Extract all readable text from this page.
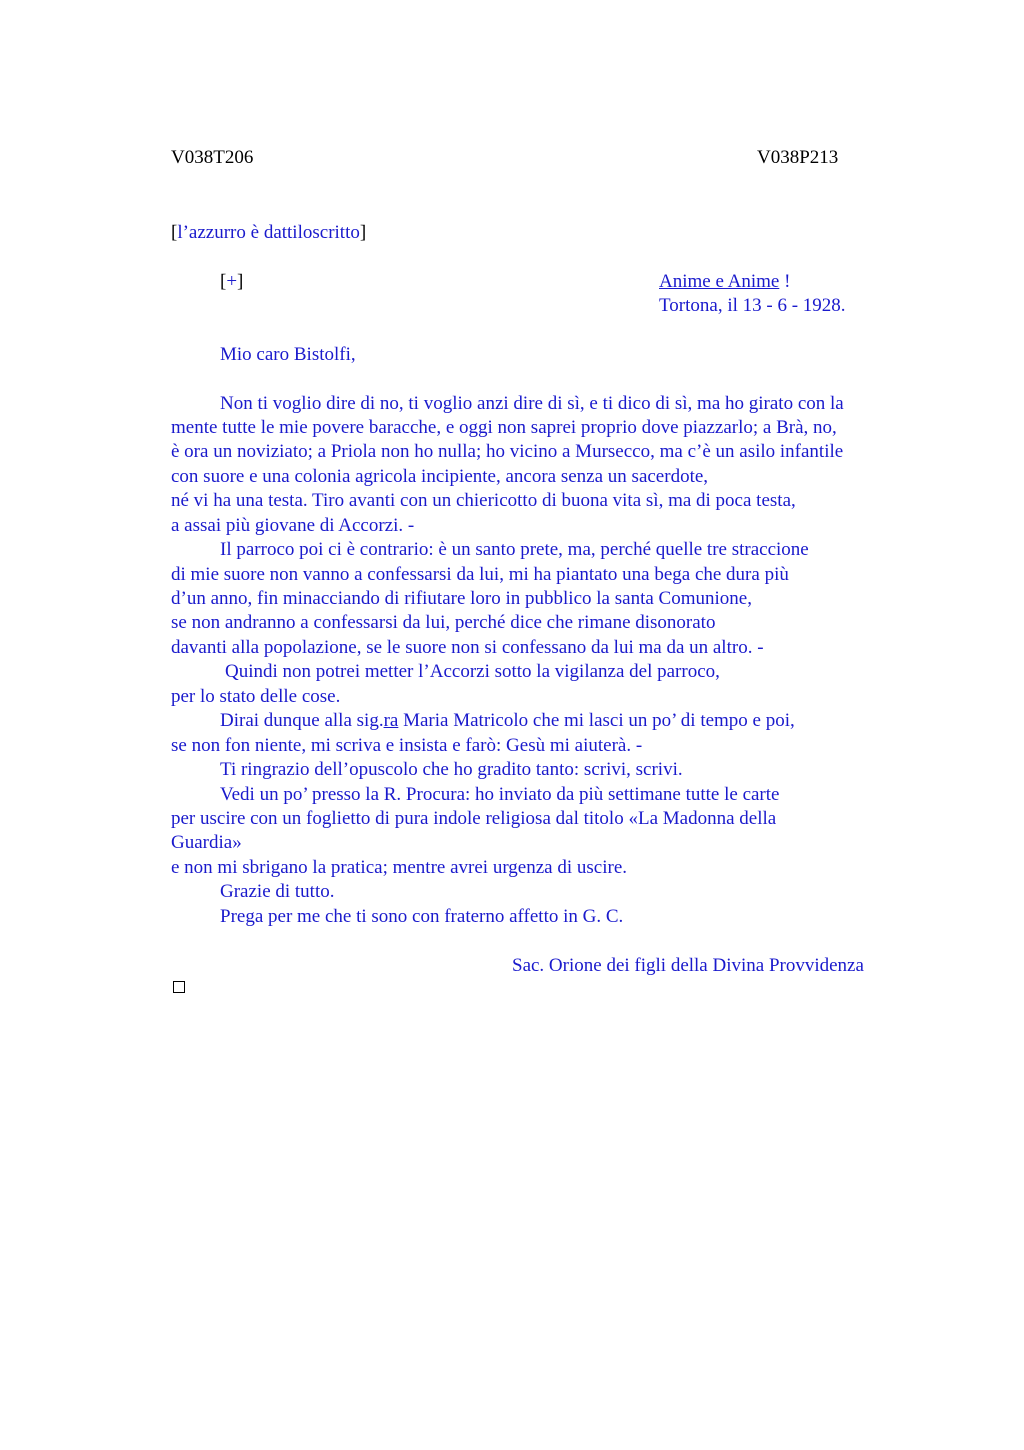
V038T206	V038P213
[l’azzurro è dattiloscritto]
[+]	Anime e Anime !
Tortona, il 13 - 6 - 1928.
Mio caro Bistolfi,
Non ti voglio dire di no, ti voglio anzi dire di sì, e ti dico di sì, ma ho girato con la
mente tutte le mie povere baracche, e oggi non saprei proprio dove piazzarlo; a Brà, no,
è ora un noviziato; a Priola non ho nulla; ho vicino a Mursecco, ma c’è un asilo infantile
con suore e una colonia agricola incipiente, ancora senza un sacerdote,
né vi ha una testa. Tiro avanti con un chiericotto di buona vita sì, ma di poca testa,
a assai più giovane di Accorzi. -
Il parroco poi ci è contrario: è un santo prete, ma, perché quelle tre straccione
di mie suore non vanno a confessarsi da lui, mi ha piantato una bega che dura più
d’un anno, fin minacciando di rifiutare loro in pubblico la santa Comunione,
se non andranno a confessarsi da lui, perché dice che rimane disonorato
davanti alla popolazione, se le suore non si confessano da lui ma da un altro. -
Quindi non potrei metter l’Accorzi sotto la vigilanza del parroco,
per lo stato delle cose.
Dirai dunque alla sig.ra Maria Matricolo che mi lasci un po’ di tempo e poi,
se non fon niente, mi scriva e insista e farò: Gesù mi aiuterà. -
Ti ringrazio dell’opuscolo che ho gradito tanto: scrivi, scrivi.
Vedi un po’ presso la R. Procura: ho inviato da più settimane tutte le carte
per uscire con un foglietto di pura indole religiosa dal titolo «La Madonna della
Guardia»
e non mi sbrigano la pratica; mentre avrei urgenza di uscire.
Grazie di tutto.
Prega per me che ti sono con fraterno affetto in G. C.
Sac. Orione dei figli della Divina Provvidenza
